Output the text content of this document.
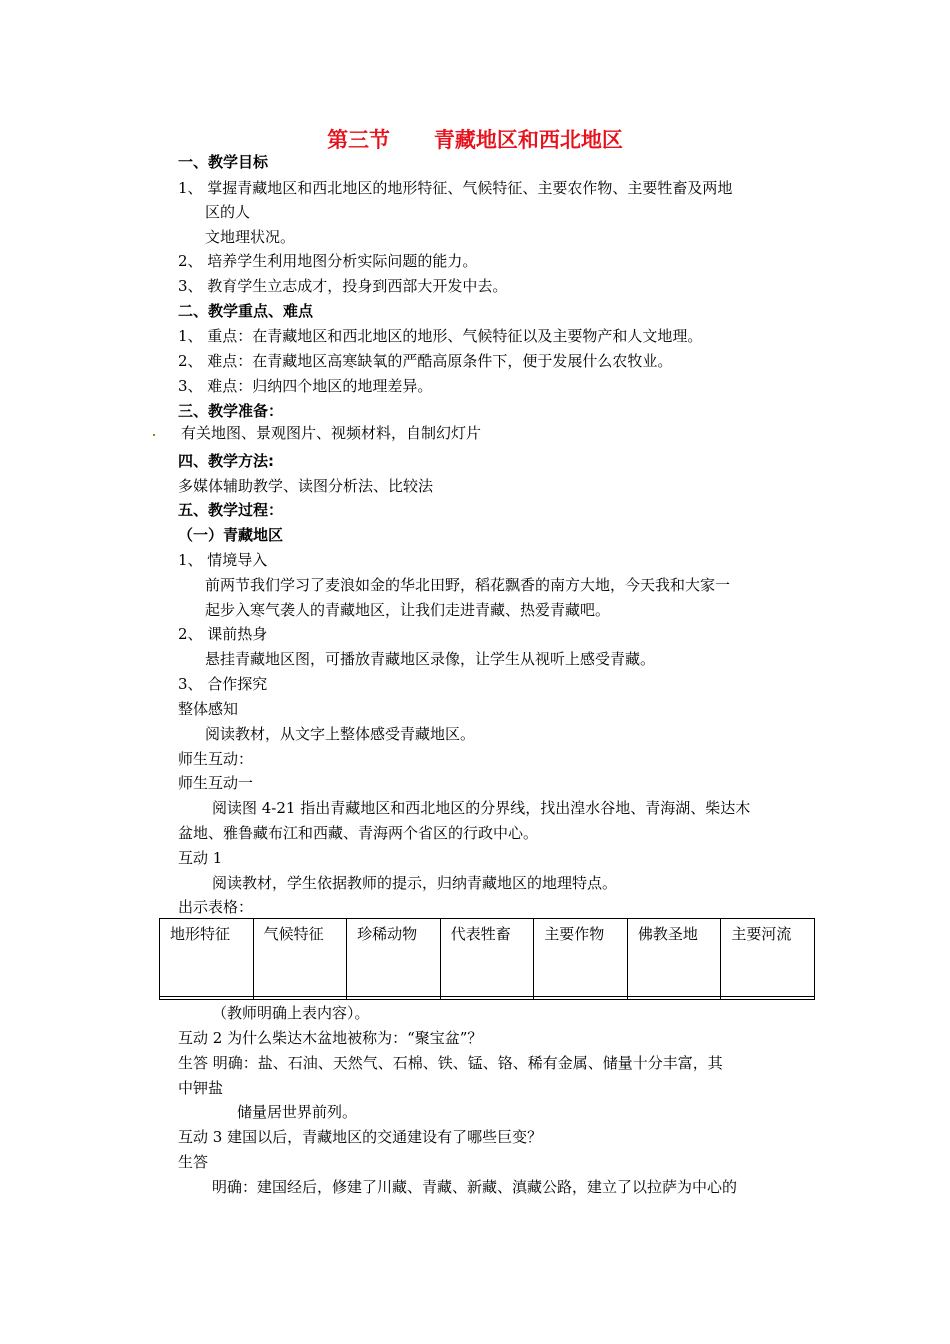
第三节      青藏地区和西北地区
一、教学目标
1、 掌握青藏地区和西北地区的地形特征、气候特征、主要农作物、主要牲畜及两地
区的人
文地理状况。
2、 培养学生利用地图分析实际问题的能力。
3、 教育学生立志成才，投身到西部大开发中去。
二、教学重点、难点
1、 重点：在青藏地区和西北地区的地形、气候特征以及主要物产和人文地理。
2、 难点：在青藏地区高寒缺氧的严酷高原条件下，便于发展什么农牧业。
3、 难点：归纳四个地区的地理差异。
三、教学准备：
有关地图、景观图片、视频材料，自制幻灯片
四、教学方法:
多媒体辅助教学、读图分析法、比较法
五、教学过程：
（一）青藏地区
1、 情境导入
前两节我们学习了麦浪如金的华北田野，稻花飘香的南方大地，今天我和大家一
起步入寒气袭人的青藏地区，让我们走进青藏、热爱青藏吧。
2、 课前热身
悬挂青藏地区图，可播放青藏地区录像，让学生从视听上感受青藏。
3、 合作探究
整体感知
阅读教材，从文字上整体感受青藏地区。
师生互动：
师生互动一
阅读图 4-21 指出青藏地区和西北地区的分界线，找出湟水谷地、青海湖、柴达木
盆地、雅鲁藏布江和西藏、青海两个省区的行政中心。
互动 1
阅读教材，学生依据教师的提示，归纳青藏地区的地理特点。
出示表格：
地形特征	气候特征	珍稀动物	代表牲畜	主要作物	佛教圣地	主要河流

（教师明确上表内容）。
互动 2 为什么柴达木盆地被称为：“聚宝盆”？
生答 明确：盐、石油、天然气、石棉、铁、锰、铬、稀有金属、储量十分丰富，其
中钾盐
储量居世界前列。
互动 3 建国以后，青藏地区的交通建设有了哪些巨变？
生答
明确：建国经后，修建了川藏、青藏、新藏、滇藏公路，建立了以拉萨为中心的
